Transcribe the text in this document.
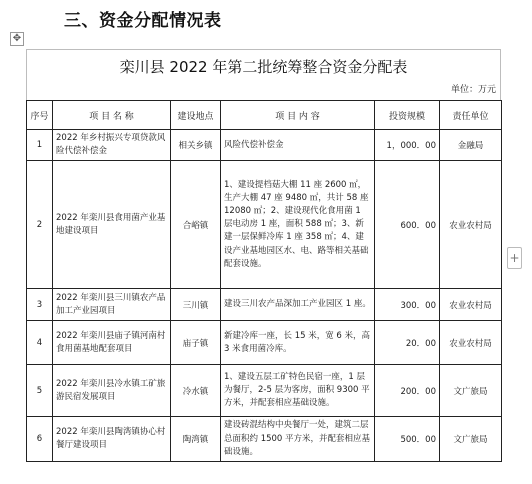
三、资金分配情况表
✥
栾川县 2022 年第二批统筹整合资金分配表
单位：万元
序号	项 目 名 称	建设地点	项 目 内 容	投资规模	责任单位
1	2022 年乡村振兴专项贷款风险代偿补偿金	相关乡镇	风险代偿补偿金	1，000．00	金融局
2	2022 年栾川县食用菌产业基地建设项目	合峪镇	1、建设提档菇大棚 11 座 2600 ㎡，生产大棚 47 座 9480 ㎡，共计 58 座 12080 ㎡；2、建设现代化食用菌 1 层电动房 1 座，面积 588 ㎡；3、新建一层保鲜冷库 1 座 358 ㎡；4、建设产业基地园区水、电、路等相关基础配套设施。	600．00	农业农村局
3	2022 年栾川县三川镇农产品加工产业园项目	三川镇	建设三川农产品深加工产业园区 1 座。	300．00	农业农村局
4	2022 年栾川县庙子镇河南村食用菌基地配套项目	庙子镇	新建冷库一座，长 15 米，宽 6 米，高 3 米食用菌冷库。	20．00	农业农村局
5	2022 年栾川县冷水镇工矿旅游民宿发展项目	冷水镇	1、建设五层工矿特色民宿一座，1 层为餐厅，2-5 层为客房，面积 9300 平方米，并配套相应基础设施。	200．00	文广旅局
6	2022 年栾川县陶湾镇协心村餐厅建设项目	陶湾镇	建设砖混结构中央餐厅一处，建筑二层总面积约 1500 平方米，并配套相应基础设施。	500．00	文广旅局
+
